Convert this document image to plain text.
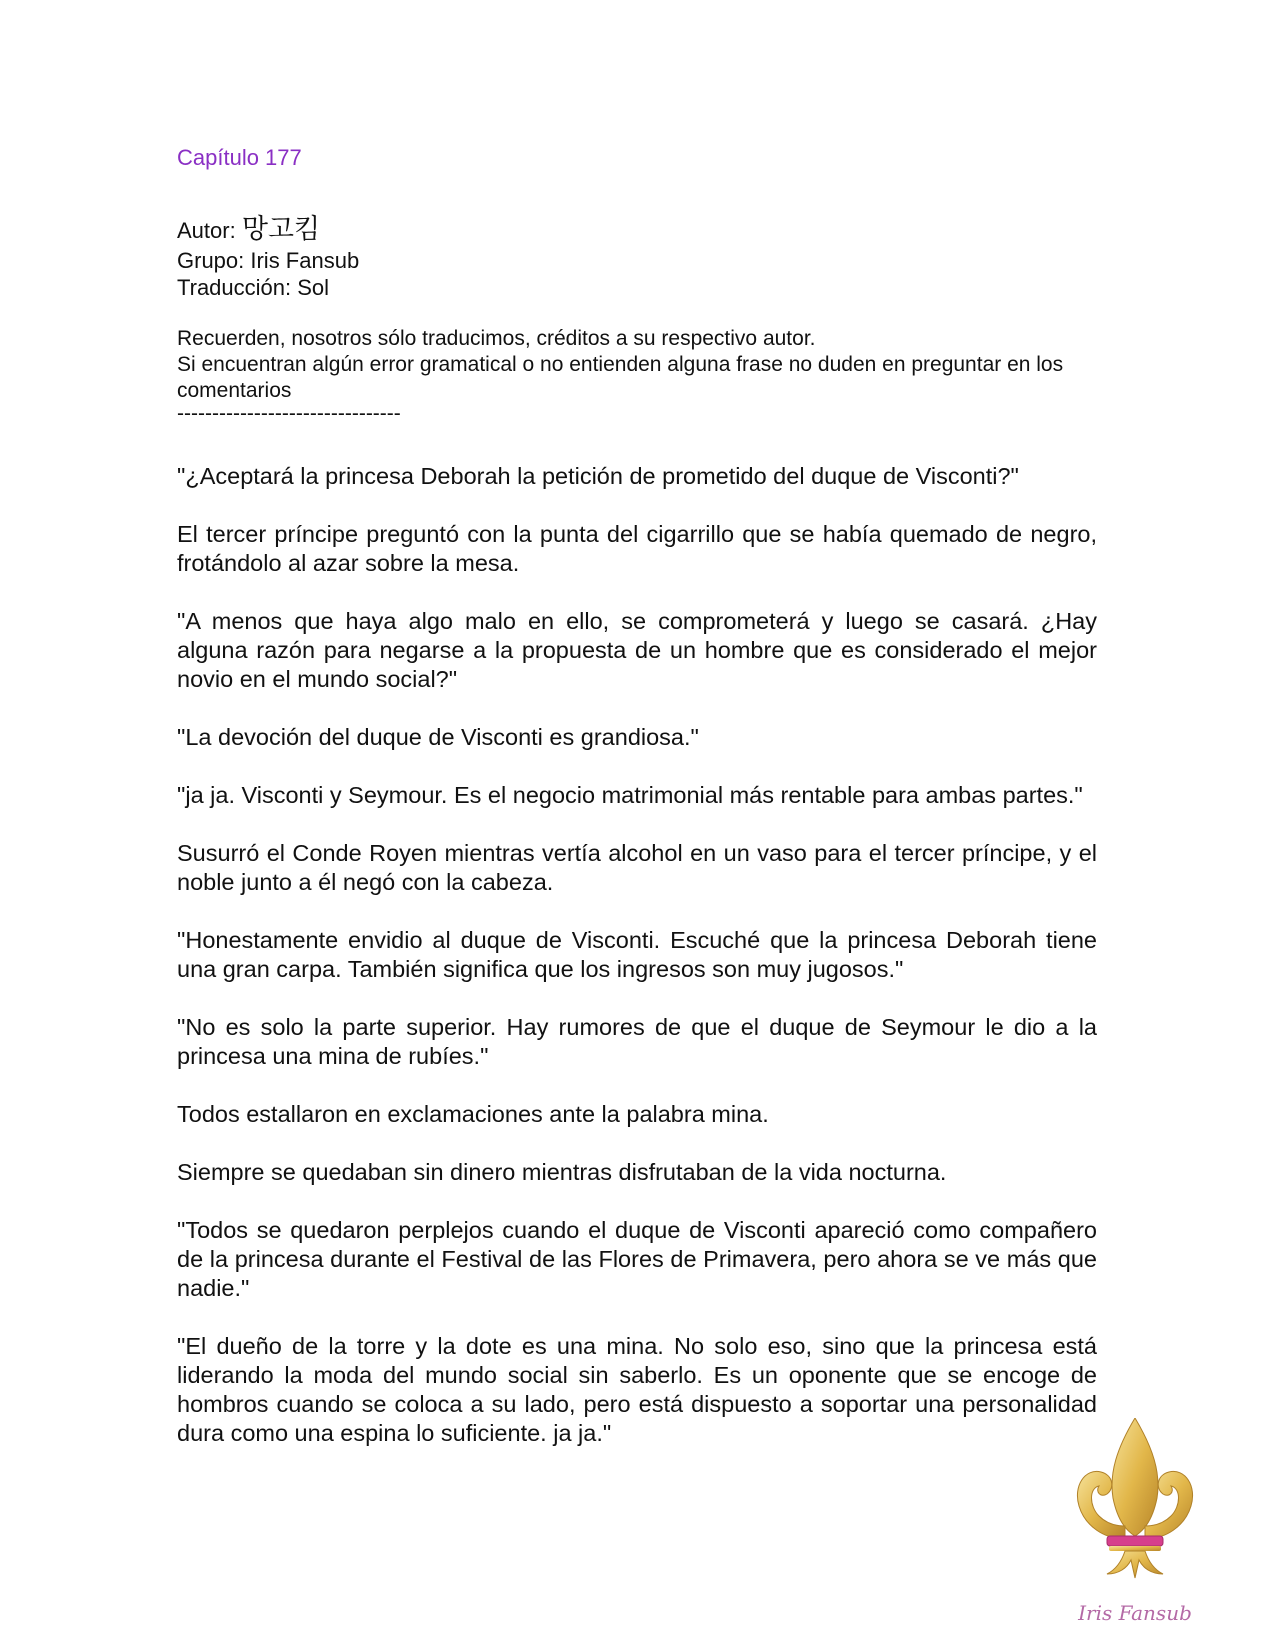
Capítulo 177
Autor: 망고킴
Grupo: Iris Fansub
Traducción: Sol
Recuerden, nosotros sólo traducimos, créditos a su respectivo autor.
Si encuentran algún error gramatical o no entienden alguna frase no duden en preguntar en los comentarios
--------------------------------

"¿Aceptará la princesa Deborah la petición de prometido del duque de Visconti?"

El tercer príncipe preguntó con la punta del cigarrillo que se había quemado de negro, frotándolo al azar sobre la mesa.

"A menos que haya algo malo en ello, se comprometerá y luego se casará. ¿Hay alguna razón para negarse a la propuesta de un hombre que es considerado el mejor novio en el mundo social?"

"La devoción del duque de Visconti es grandiosa."

"ja ja. Visconti y Seymour. Es el negocio matrimonial más rentable para ambas partes."

Susurró el Conde Royen mientras vertía alcohol en un vaso para el tercer príncipe, y el noble junto a él negó con la cabeza.

"Honestamente envidio al duque de Visconti. Escuché que la princesa Deborah tiene una gran carpa. También significa que los ingresos son muy jugosos."

"No es solo la parte superior. Hay rumores de que el duque de Seymour le dio a la princesa una mina de rubíes."

Todos estallaron en exclamaciones ante la palabra mina.

Siempre se quedaban sin dinero mientras disfrutaban de la vida nocturna.

"Todos se quedaron perplejos cuando el duque de Visconti apareció como compañero de la princesa durante el Festival de las Flores de Primavera, pero ahora se ve más que nadie."

"El dueño de la torre y la dote es una mina. No solo eso, sino que la princesa está liderando la moda del mundo social sin saberlo. Es un oponente que se encoge de hombros cuando se coloca a su lado, pero está dispuesto a soportar una personalidad dura como una espina lo suficiente. ja ja."

Iris Fansub
